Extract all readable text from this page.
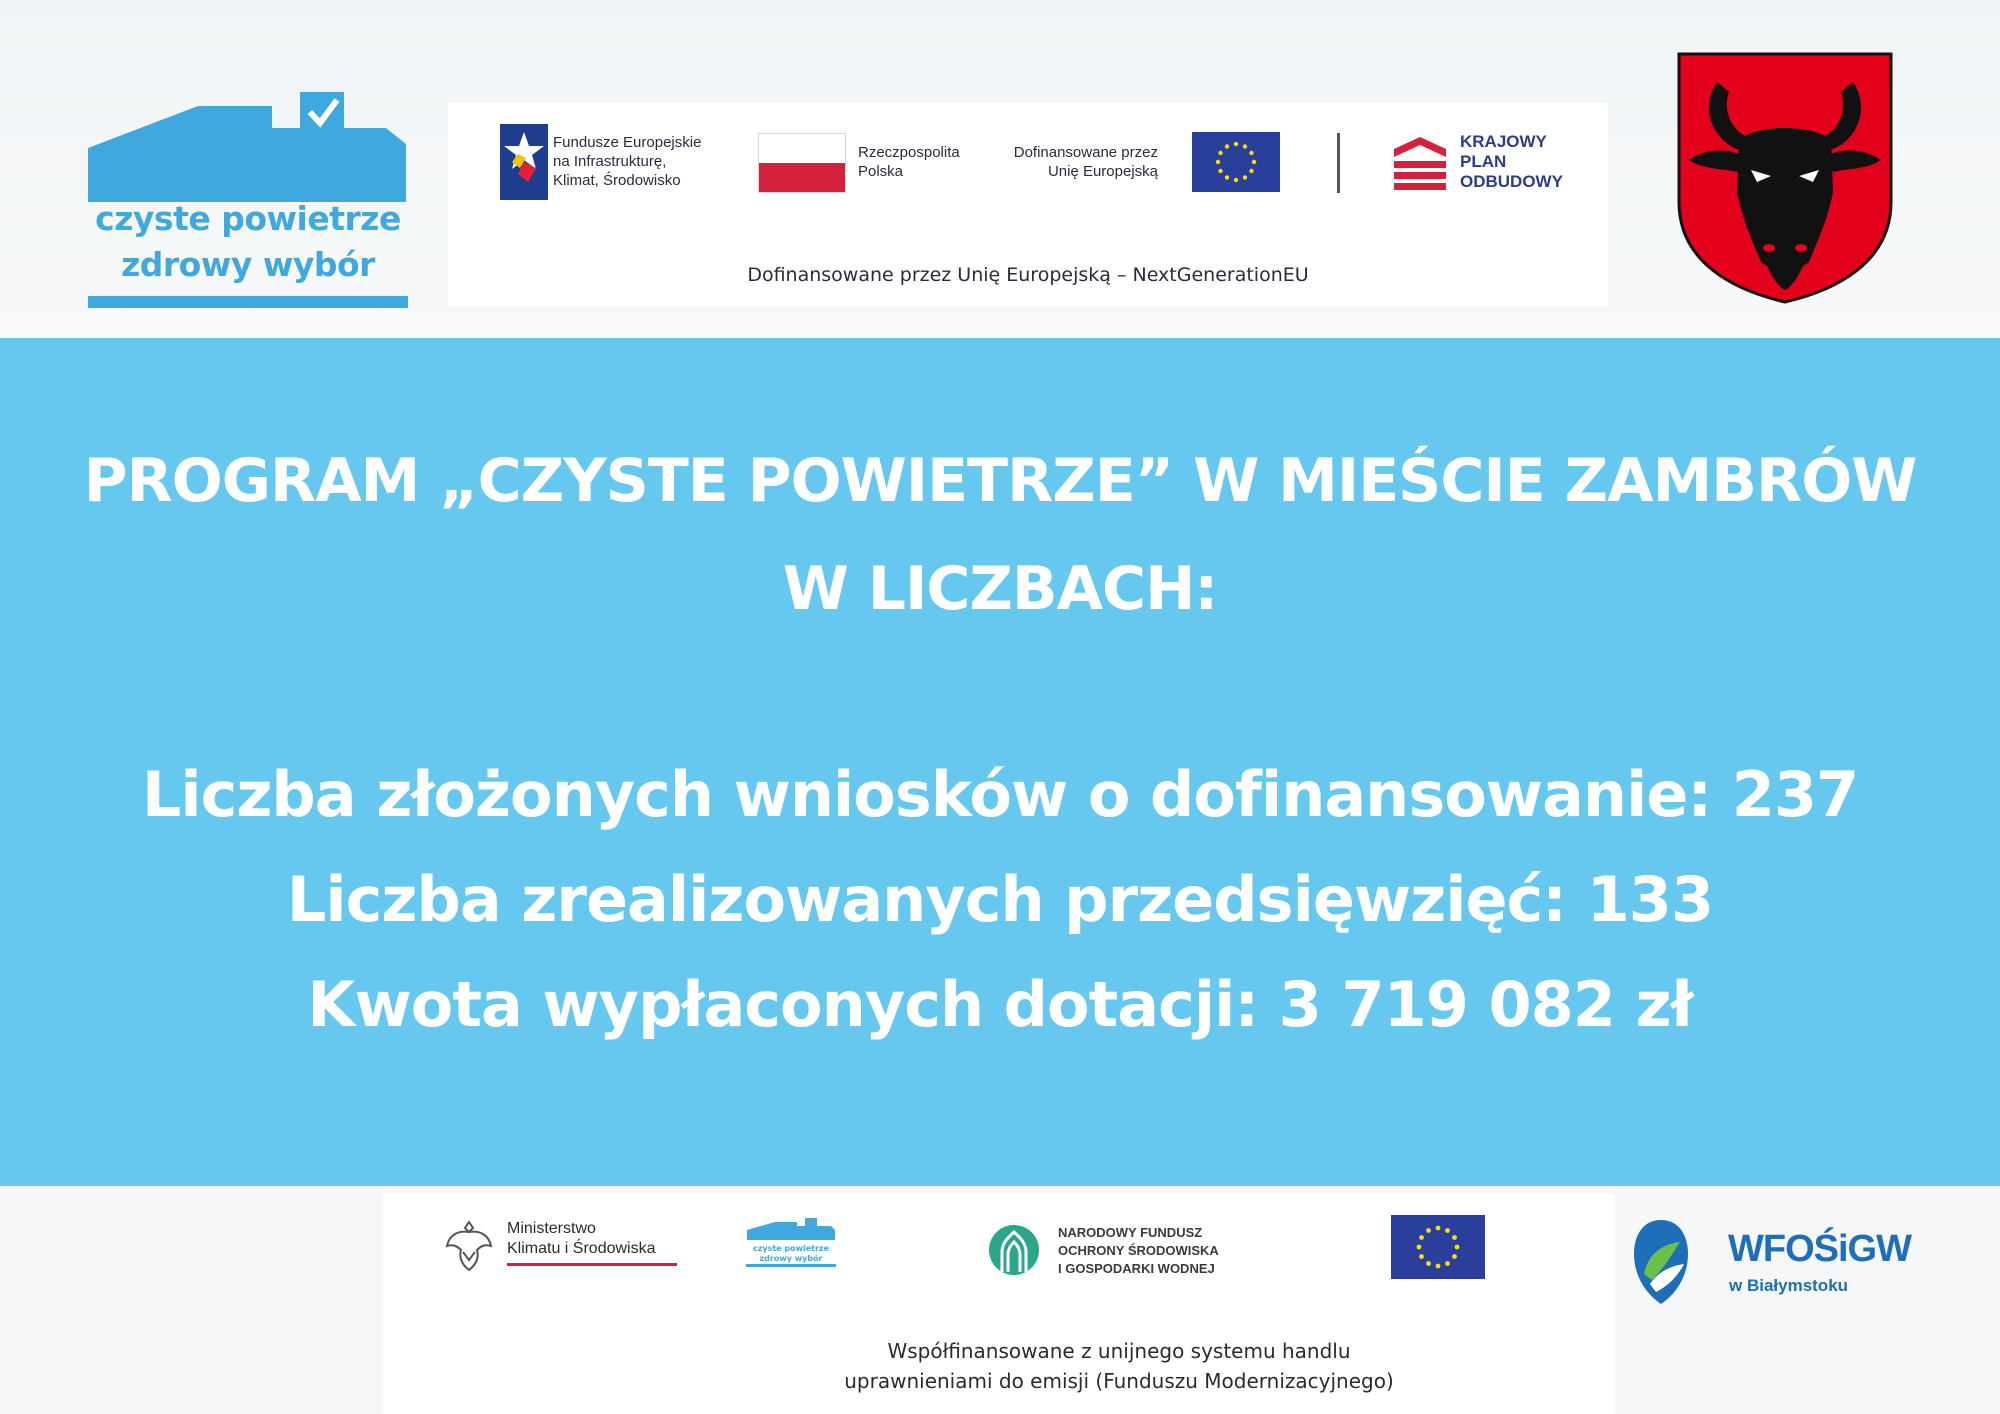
czyste powietrze
zdrowy wybór
Fundusze Europejskie
na Infrastrukturę,
Klimat, Środowisko
Rzeczpospolita
Polska
Dofinansowane przez
Unię Europejską
KRAJOWY
PLAN
ODBUDOWY
Dofinansowane przez Unię Europejską – NextGenerationEU
PROGRAM „CZYSTE POWIETRZE” W MIEŚCIE ZAMBRÓW
W LICZBACH:
Liczba złożonych wniosków o dofinansowanie: 237
Liczba zrealizowanych przedsięwzięć: 133
Kwota wypłaconych dotacji: 3 719 082 zł
Ministerstwo
Klimatu i Środowiska	czyste powietrze
zdrowy wybór
NARODOWY FUNDUSZ
OCHRONY ŚRODOWISKA
I GOSPODARKI WODNEJ
Współfinansowane z unijnego systemu handlu
uprawnieniami do emisji (Funduszu Modernizacyjnego)
WFOŚiGW
w Białymstoku
